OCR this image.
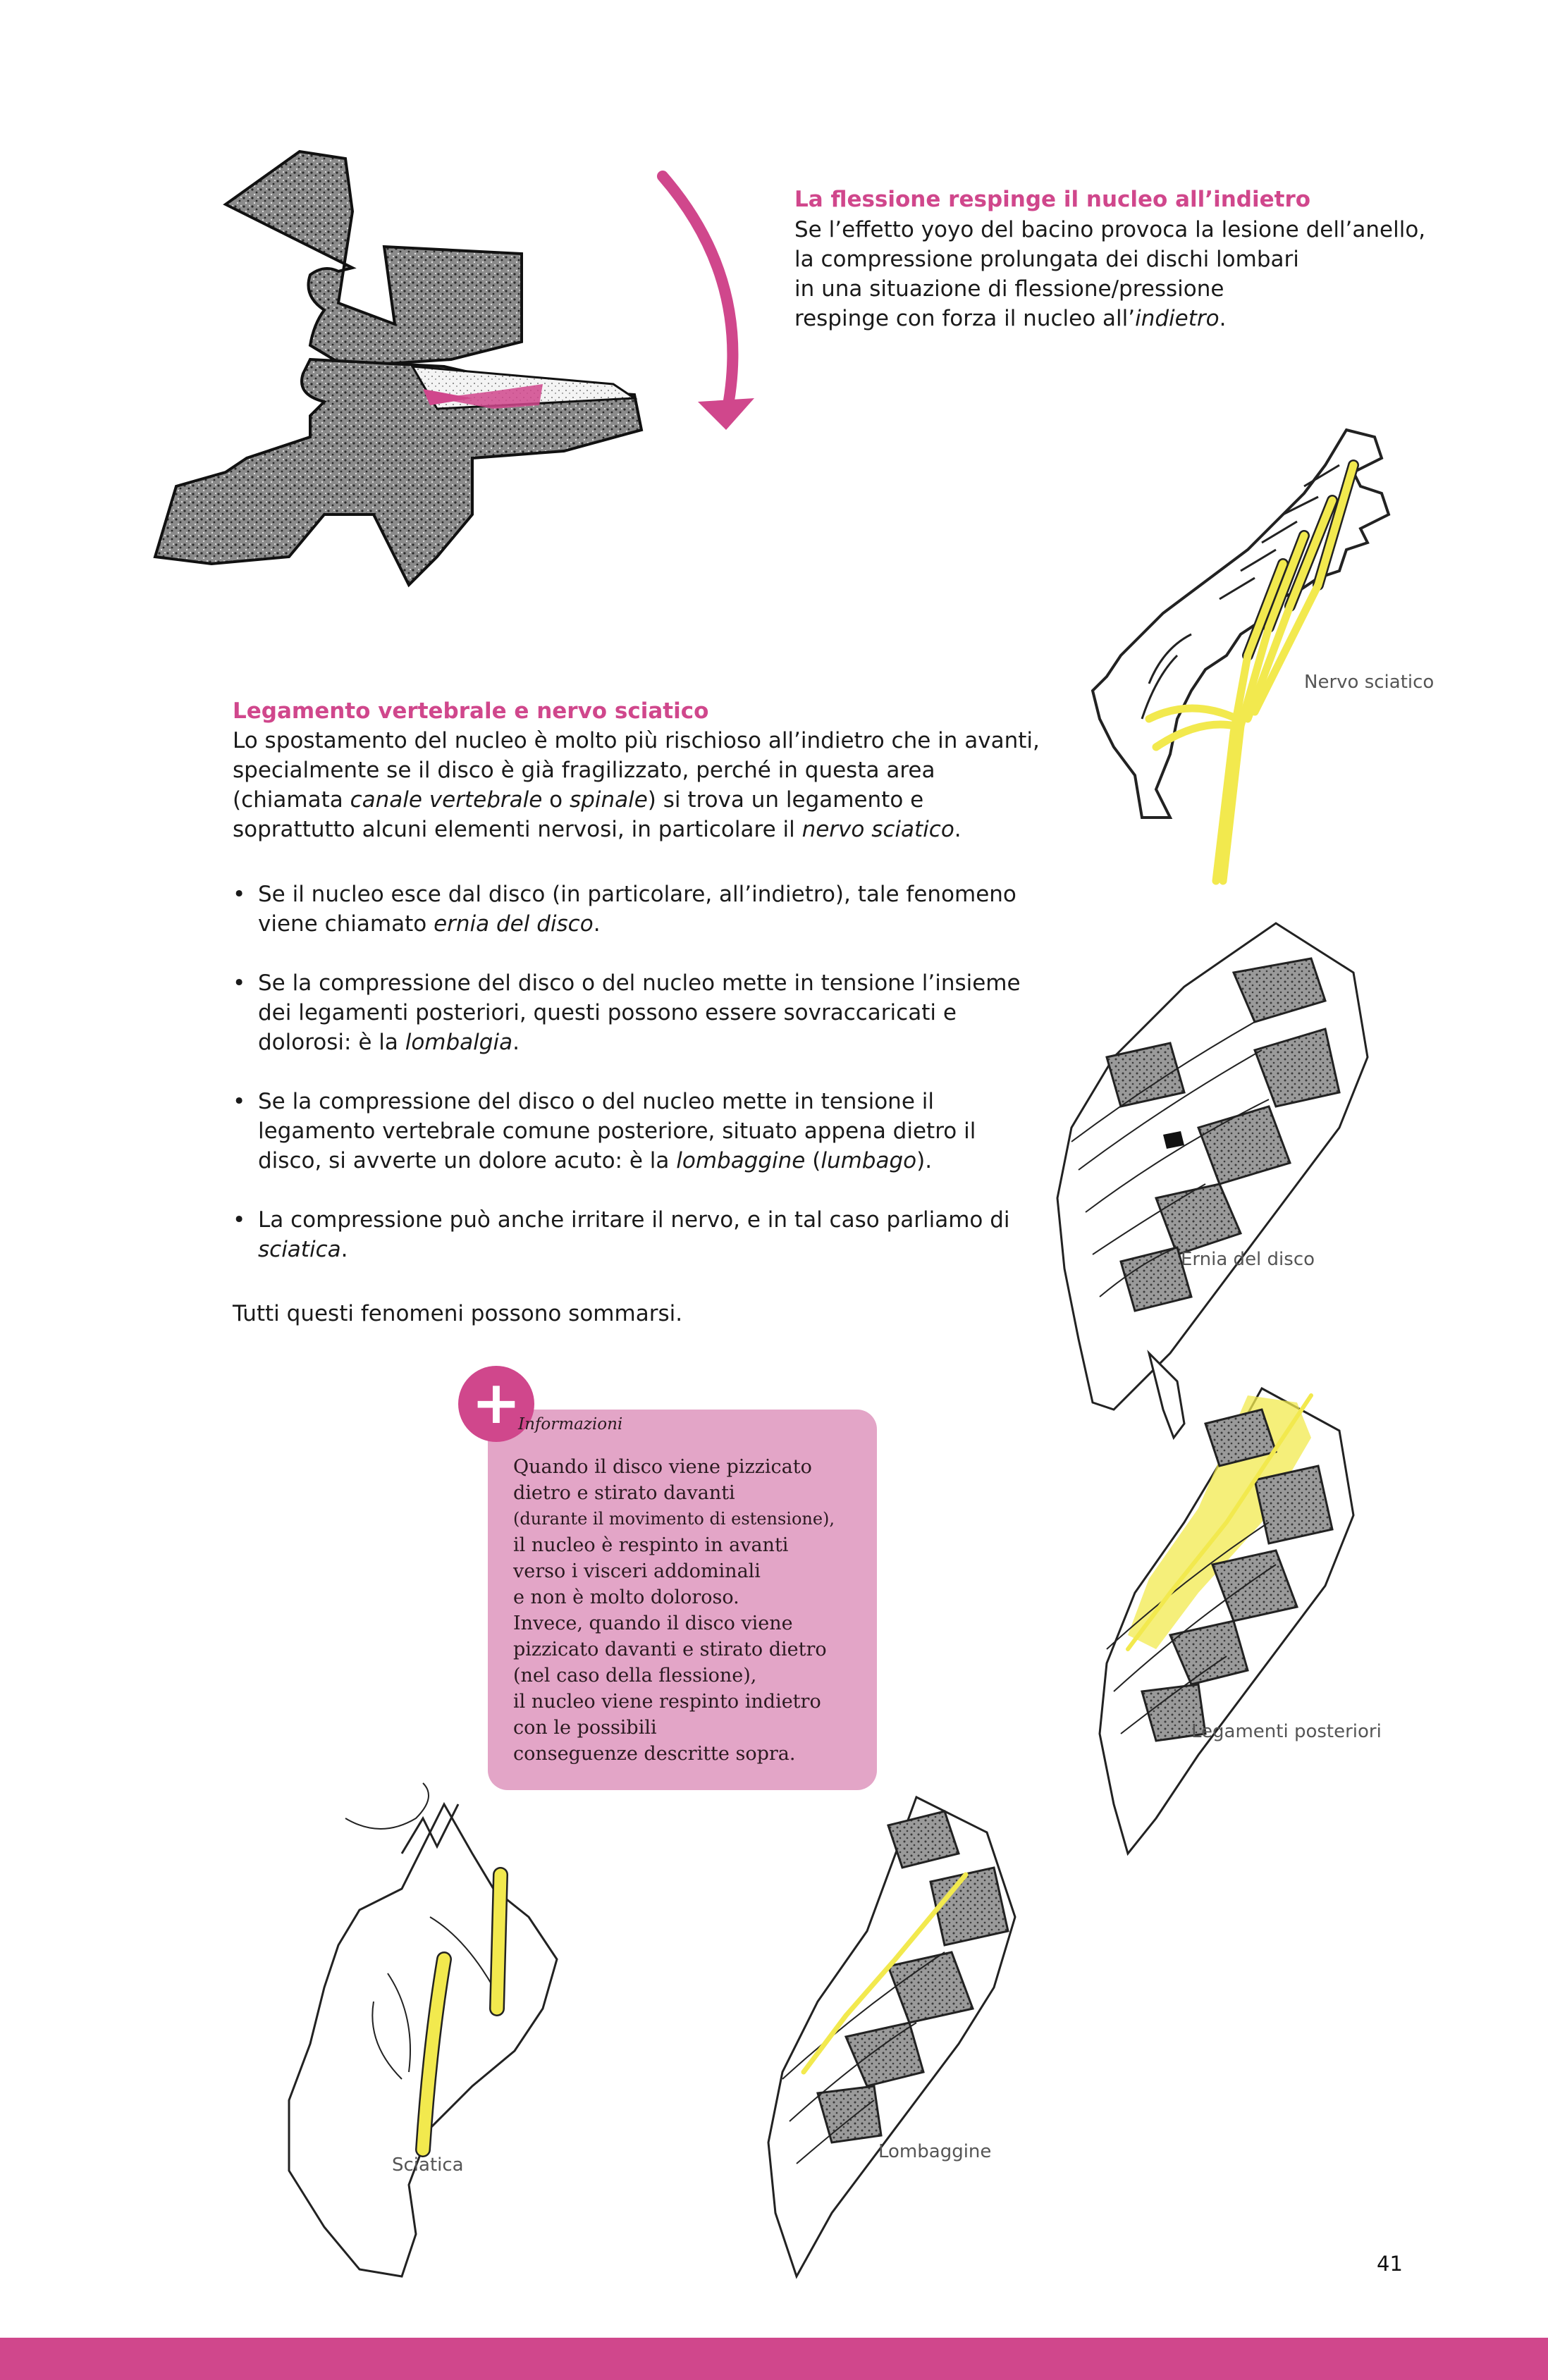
La flessione respinge il nucleo all’indietro

Se l’effetto yoyo del bacino provoca la lesione dell’anello,

la compressione prolungata dei dischi lombari

in una situazione di flessione/pressione

respinge con forza il nucleo all’indietro.

Nervo sciatico
Legamento vertebrale e nervo sciatico

Lo spostamento del nucleo è molto più rischioso all’indietro che in avanti, specialmente se il disco è già fragilizzato, perché in questa area (chiamata canale vertebrale o spinale) si trova un legamento e soprattutto alcuni elementi nervosi, in particolare il nervo sciatico.

• Se il nucleo esce dal disco (in particolare, all’indietro), tale fenomeno viene chiamato ernia del disco.
• Se la compressione del disco o del nucleo mette in tensione l’insieme dei legamenti posteriori, questi possono essere sovraccaricati e dolorosi: è la lombalgia.
• Se la compressione del disco o del nucleo mette in tensione il legamento vertebrale comune posteriore, situato appena dietro il disco, si avverte un dolore acuto: è la lombaggine (lumbago).
• La compressione può anche irritare il nervo, e in tal caso parliamo di sciatica.
Tutti questi fenomeni possono sommarsi.
Ernia del disco
+
Informazioni
Quando il disco viene pizzicato
dietro e stirato davanti
(durante il movimento di estensione),
il nucleo è respinto in avanti
verso i visceri addominali
e non è molto doloroso.
Invece, quando il disco viene
pizzicato davanti e stirato dietro
(nel caso della flessione),
il nucleo viene respinto indietro
con le possibili
conseguenze descritte sopra.
Legamenti posteriori
Sciatica
Lombaggine
41
